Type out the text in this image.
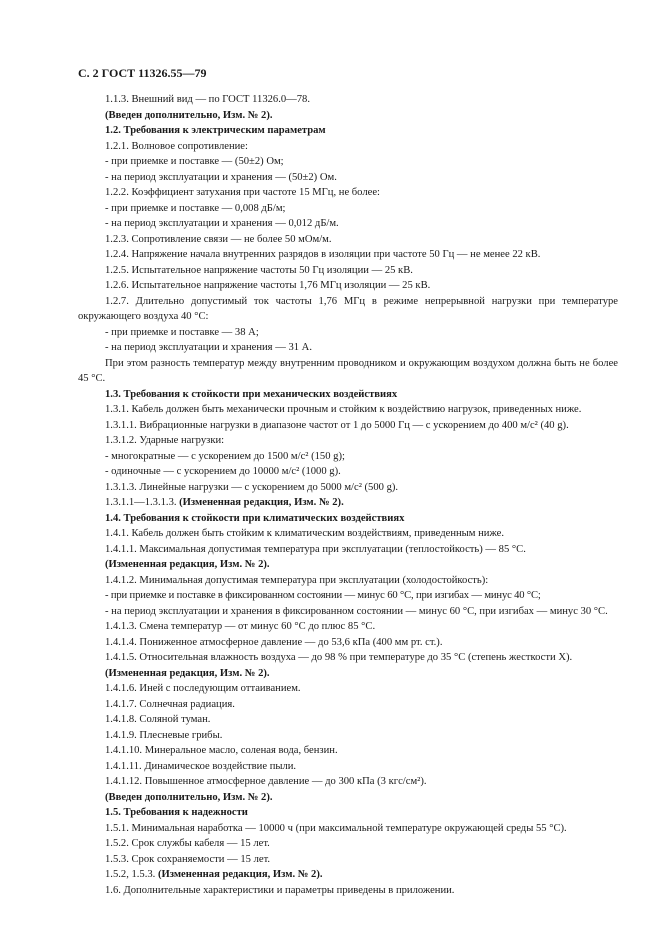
С. 2 ГОСТ 11326.55—79

1.1.3. Внешний вид — по ГОСТ 11326.0—78.

(Введен дополнительно, Изм. № 2).

1.2. Требования к электрическим параметрам

1.2.1. Волновое сопротивление:

- при приемке и поставке — (50±2) Ом;

- на период эксплуатации и хранения — (50±2) Ом.

1.2.2. Коэффициент затухания при частоте 15 МГц, не более:

- при приемке и поставке — 0,008 дБ/м;

- на период эксплуатации и хранения — 0,012 дБ/м.

1.2.3. Сопротивление связи — не более 50 мОм/м.

1.2.4. Напряжение начала внутренних разрядов в изоляции при частоте 50 Гц — не менее 22 кВ.

1.2.5. Испытательное напряжение частоты 50 Гц изоляции — 25 кВ.

1.2.6. Испытательное напряжение частоты 1,76 МГц изоляции — 25 кВ.

1.2.7. Длительно допустимый ток частоты 1,76 МГц в режиме непрерывной нагрузки при температуре окружающего воздуха 40 °С:

- при приемке и поставке — 38 А;

- на период эксплуатации и хранения — 31 А.

При этом разность температур между внутренним проводником и окружающим воздухом должна быть не более 45 °С.

1.3. Требования к стойкости при механических воздействиях

1.3.1. Кабель должен быть механически прочным и стойким к воздействию нагрузок, приведенных ниже.

1.3.1.1. Вибрационные нагрузки в диапазоне частот от 1 до 5000 Гц — с ускорением до 400 м/с² (40 g).

1.3.1.2. Ударные нагрузки:

- многократные — с ускорением до 1500 м/с² (150 g);

- одиночные — с ускорением до 10000 м/с² (1000 g).

1.3.1.3. Линейные нагрузки — с ускорением до 5000 м/с² (500 g).

1.3.1.1—1.3.1.3. (Измененная редакция, Изм. № 2).

1.4. Требования к стойкости при климатических воздействиях

1.4.1. Кабель должен быть стойким к климатическим воздействиям, приведенным ниже.

1.4.1.1. Максимальная допустимая температура при эксплуатации (теплостойкость) — 85 °С.

(Измененная редакция, Изм. № 2).

1.4.1.2. Минимальная допустимая температура при эксплуатации (холодостойкость):

- при приемке и поставке в фиксированном состоянии — минус 60 °С, при изгибах — минус 40 °С;

- на период эксплуатации и хранения в фиксированном состоянии — минус 60 °С, при изгибах — минус 30 °С.

1.4.1.3. Смена температур — от минус 60 °С до плюс 85 °С.

1.4.1.4. Пониженное атмосферное давление — до 53,6 кПа (400 мм рт. ст.).

1.4.1.5. Относительная влажность воздуха — до 98 % при температуре до 35 °С (степень жесткости Х).

(Измененная редакция, Изм. № 2).

1.4.1.6. Иней с последующим оттаиванием.

1.4.1.7. Солнечная радиация.

1.4.1.8. Соляной туман.

1.4.1.9. Плесневые грибы.

1.4.1.10. Минеральное масло, соленая вода, бензин.

1.4.1.11. Динамическое воздействие пыли.

1.4.1.12. Повышенное атмосферное давление — до 300 кПа (3 кгс/см²).

(Введен дополнительно, Изм. № 2).

1.5. Требования к надежности

1.5.1. Минимальная наработка — 10000 ч (при максимальной температуре окружающей среды 55 °С).

1.5.2. Срок службы кабеля — 15 лет.

1.5.3. Срок сохраняемости — 15 лет.

1.5.2, 1.5.3. (Измененная редакция, Изм. № 2).

1.6. Дополнительные характеристики и параметры приведены в приложении.
